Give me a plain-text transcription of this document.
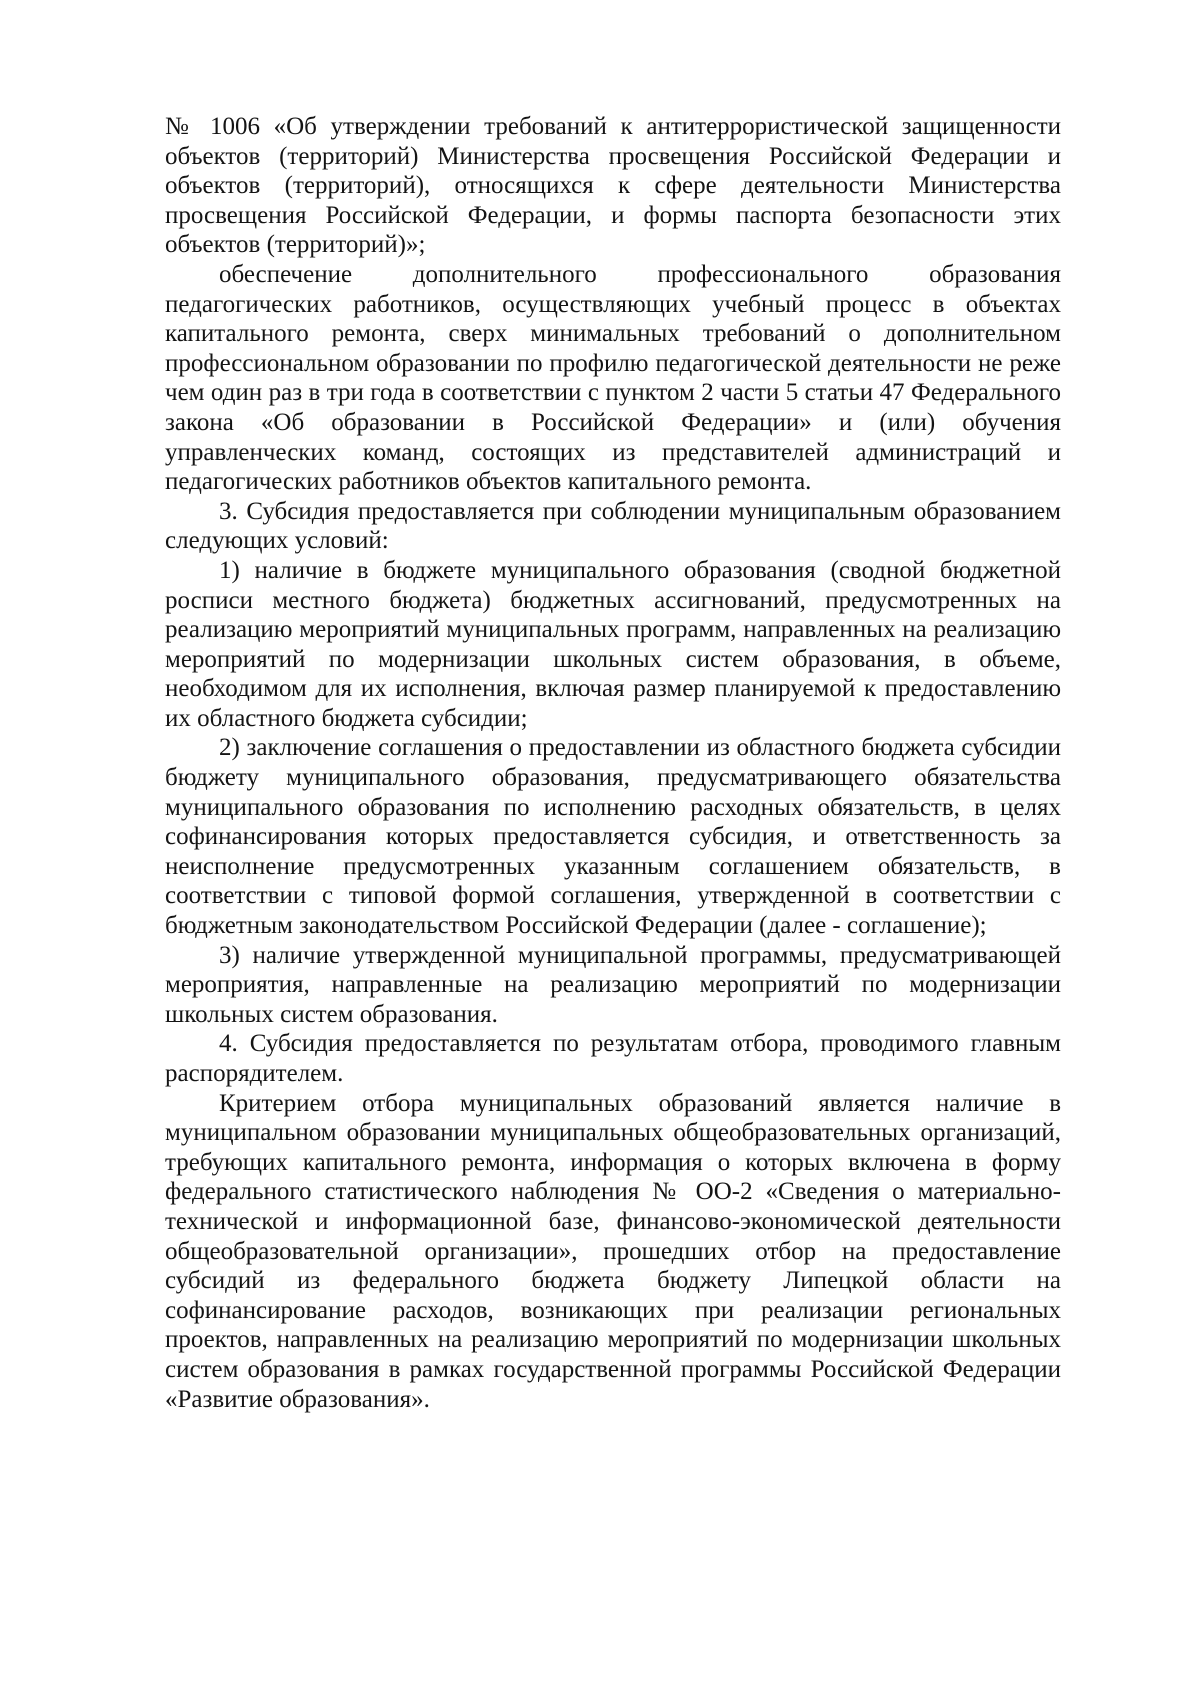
№ 1006 «Об утверждении требований к антитеррористической защищенности объектов (территорий) Министерства просвещения Российской Федерации и объектов (территорий), относящихся к сфере деятельности Министерства просвещения Российской Федерации, и формы паспорта безопасности этих объектов (территорий)»;

обеспечение дополнительного профессионального образования педагогических работников, осуществляющих учебный процесс в объектах капитального ремонта, сверх минимальных требований о дополнительном профессиональном образовании по профилю педагогической деятельности не реже чем один раз в три года в соответствии с пунктом 2 части 5 статьи 47 Федерального закона «Об образовании в Российской Федерации» и (или) обучения управленческих команд, состоящих из представителей администраций и педагогических работников объектов капитального ремонта.

3. Субсидия предоставляется при соблюдении муниципальным образованием следующих условий:

1) наличие в бюджете муниципального образования (сводной бюджетной росписи местного бюджета) бюджетных ассигнований, предусмотренных на реализацию мероприятий муниципальных программ, направленных на реализацию мероприятий по модернизации школьных систем образования, в объеме, необходимом для их исполнения, включая размер планируемой к предоставлению их областного бюджета субсидии;

2) заключение соглашения о предоставлении из областного бюджета субсидии бюджету муниципального образования, предусматривающего обязательства муниципального образования по исполнению расходных обязательств, в целях софинансирования которых предоставляется субсидия, и ответственность за неисполнение предусмотренных указанным соглашением обязательств, в соответствии с типовой формой соглашения, утвержденной в соответствии с бюджетным законодательством Российской Федерации (далее - соглашение);

3) наличие утвержденной муниципальной программы, предусматривающей мероприятия, направленные на реализацию мероприятий по модернизации школьных систем образования.

4. Субсидия предоставляется по результатам отбора, проводимого главным распорядителем.

Критерием отбора муниципальных образований является наличие в муниципальном образовании муниципальных общеобразовательных организаций, требующих капитального ремонта, информация о которых включена в форму федерального статистического наблюдения № ОО-2 «Сведения о материально-технической и информационной базе, финансово-экономической деятельности общеобразовательной организации», прошедших отбор на предоставление субсидий из федерального бюджета бюджету Липецкой области на софинансирование расходов, возникающих при реализации региональных проектов, направленных на реализацию мероприятий по модернизации школьных систем образования в рамках государственной программы Российской Федерации «Развитие образования».
